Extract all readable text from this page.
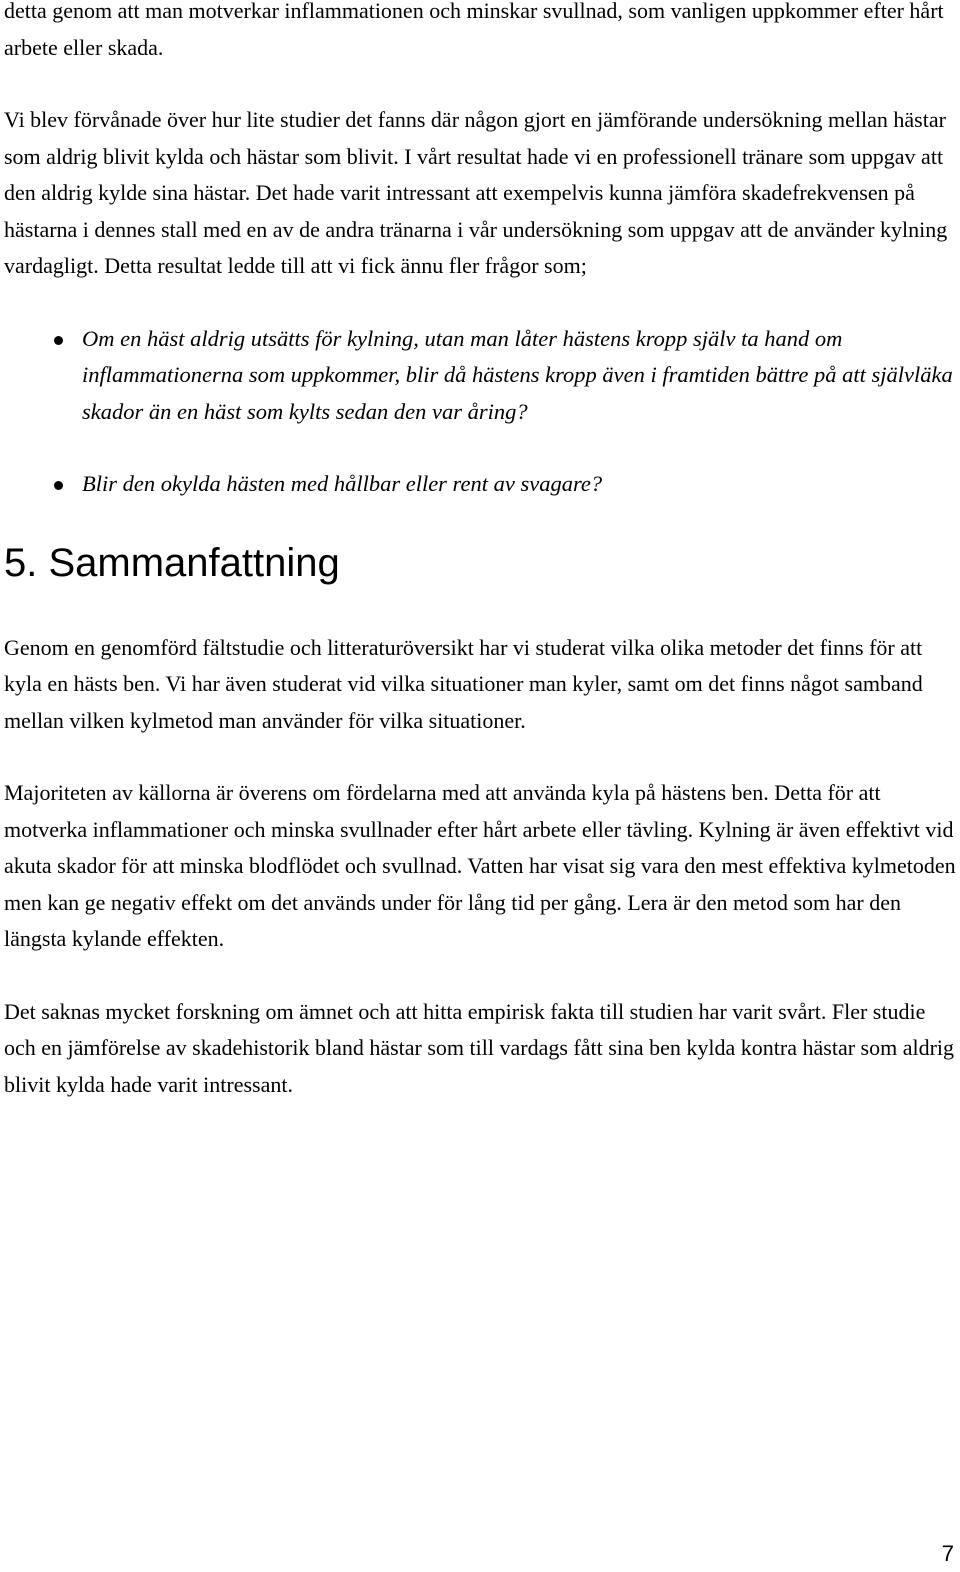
detta genom att man motverkar inflammationen och minskar svullnad, som vanligen uppkommer efter hårt arbete eller skada.

Vi blev förvånade över hur lite studier det fanns där någon gjort en jämförande undersökning mellan hästar som aldrig blivit kylda och hästar som blivit. I vårt resultat hade vi en professionell tränare som uppgav att den aldrig kylde sina hästar. Det hade varit intressant att exempelvis kunna jämföra skadefrekvensen på hästarna i dennes stall med en av de andra tränarna i vår undersökning som uppgav att de använder kylning vardagligt. Detta resultat ledde till att vi fick ännu fler frågor som;

Om en häst aldrig utsätts för kylning, utan man låter hästens kropp själv ta hand om inflammationerna som uppkommer, blir då hästens kropp även i framtiden bättre på att självläka skador än en häst som kylts sedan den var åring?
Blir den okylda hästen med hållbar eller rent av svagare?
5. Sammanfattning

Genom en genomförd fältstudie och litteraturöversikt har vi studerat vilka olika metoder det finns för att kyla en hästs ben. Vi har även studerat vid vilka situationer man kyler, samt om det finns något samband mellan vilken kylmetod man använder för vilka situationer.

Majoriteten av källorna är överens om fördelarna med att använda kyla på hästens ben. Detta för att motverka inflammationer och minska svullnader efter hårt arbete eller tävling. Kylning är även effektivt vid akuta skador för att minska blodflödet och svullnad. Vatten har visat sig vara den mest effektiva kylmetoden men kan ge negativ effekt om det används under för lång tid per gång. Lera är den metod som har den längsta kylande effekten.

Det saknas mycket forskning om ämnet och att hitta empirisk fakta till studien har varit svårt. Fler studie och en jämförelse av skadehistorik bland hästar som till vardags fått sina ben kylda kontra hästar som aldrig blivit kylda hade varit intressant.

7
